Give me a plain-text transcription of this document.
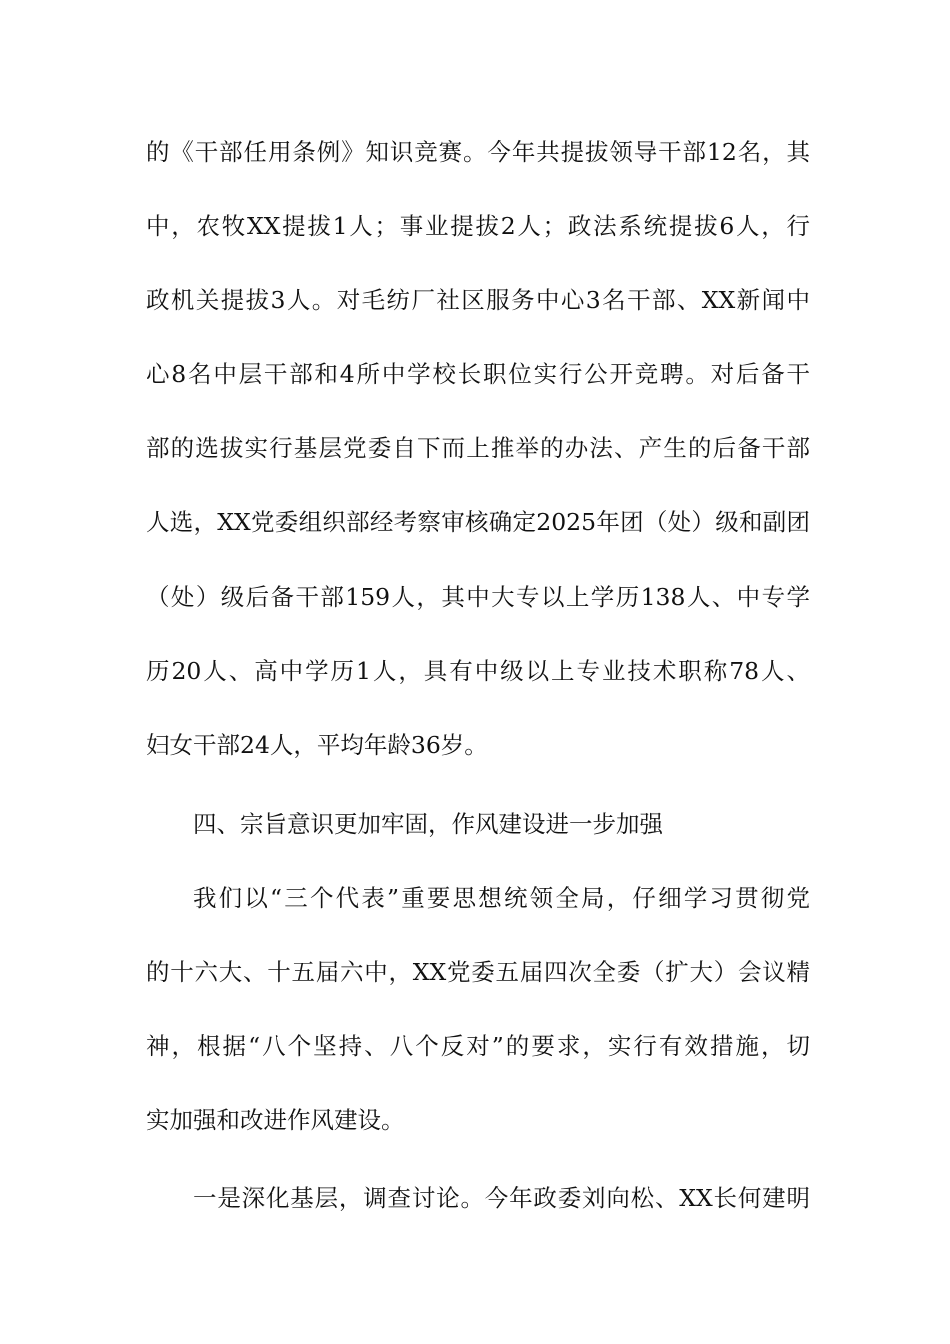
的《干部任用条例》知识竞赛。今年共提拔领导干部12名，其
中，农牧XX提拔1人；事业提拔2人；政法系统提拔6人，行
政机关提拔3人。对毛纺厂社区服务中心3名干部、XX新闻中
心8名中层干部和4所中学校长职位实行公开竞聘。对后备干
部的选拔实行基层党委自下而上推举的办法、产生的后备干部
人选，XX党委组织部经考察审核确定2025年团（处）级和副团
（处）级后备干部159人，其中大专以上学历138人、中专学
历20人、高中学历1人，具有中级以上专业技术职称78人、
妇女干部24人，平均年龄36岁。
四、宗旨意识更加牢固，作风建设进一步加强
我们以“三个代表”重要思想统领全局，仔细学习贯彻党
的十六大、十五届六中，XX党委五届四次全委（扩大）会议精
神，根据“八个坚持、八个反对”的要求，实行有效措施，切
实加强和改进作风建设。
一是深化基层，调查讨论。今年政委刘向松、XX长何建明
